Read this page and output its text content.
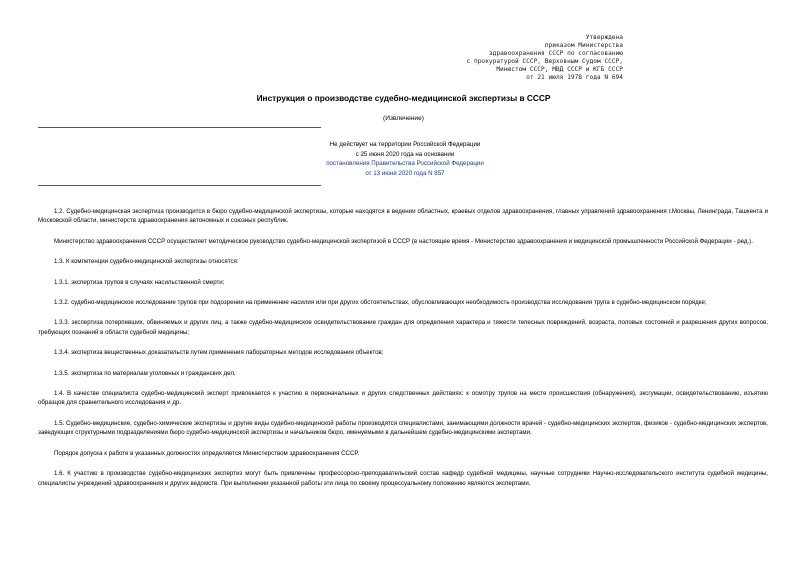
Утверждена
приказом Министерства
здравоохранения СССР по согласованию
с прокуратурой СССР, Верховным Судом СССР,
Минюстом СССР, МВД СССР и КГБ СССР
от 21 июля 1978 года N 694
Инструкция о производстве судебно-медицинской экспертизы в СССР
(Извлечение)
Не действует на территории Российской Федерации
с 25 июня 2020 года на основании
постановления Правительства Российской Федерации
от 13 июня 2020 года N 857

1.2. Судебно-медицинская экспертиза производится в бюро судебно-медицинской экспертизы, которые находятся в ведении областных, краевых отделов здравоохранения, главных управлений здравоохранения г.Москвы, Ленинграда, Ташкента и Московской области, министерств здравоохранения автономных и союзных республик.

Министерство здравоохранения СССР осуществляет методическое руководство судебно-медицинской экспертизой в СССР (в настоящее время - Министерство здравоохранения и медицинской промышленности Российской Федерации - ред.).

1.3. К компетенции судебно-медицинской экспертизы относятся:

1.3.1. экспертиза трупов в случаях насильственной смерти;

1.3.2. судебно-медицинское исследование трупов при подозрении на применение насилия или при других обстоятельствах, обусловливающих необходимость производства исследования трупа в судебно-медицинском порядке;

1.3.3. экспертиза потерпевших, обвиняемых и других лиц, а также судебно-медицинское освидетельствование граждан для определения характера и тяжести телесных повреждений, возраста, половых состояний и разрешения других вопросов, требующих познаний в области судебной медицины;

1.3.4. экспертиза вещественных доказательств путем применения лабораторных методов исследования объектов;

1.3.5. экспертиза по материалам уголовных и гражданских дел.

1.4. В качестве специалиста судебно-медицинский эксперт привлекается к участию в первоначальных и других следственных действиях: к осмотру трупов на месте происшествия (обнаружения), эксгумации, освидетельствованию, изъятию образцов для сравнительного исследования и др.

1.5. Судебно-медицинские, судебно-химические экспертизы и другие виды судебно-медицинской работы производятся специалистами, занимающими должности врачей - судебно-медицинских экспертов, физиков - судебно-медицинских экспертов, заведующих структурными подразделениями бюро судебно-медицинской экспертизы и начальников бюро, именуемыми в дальнейшем судебно-медицинскими экспертами.

Порядок допуска к работе в указанных должностях определяется Министерством здравоохранения СССР.

1.6. К участию в производстве судебно-медицинских экспертиз могут быть привлечены профессорско-преподавательский состав кафедр судебной медицины, научные сотрудники Научно-исследовательского института судебной медицины, специалисты учреждений здравоохранения и других ведомств. При выполнении указанной работы эти лица по своему процессуальному положению являются экспертами.
